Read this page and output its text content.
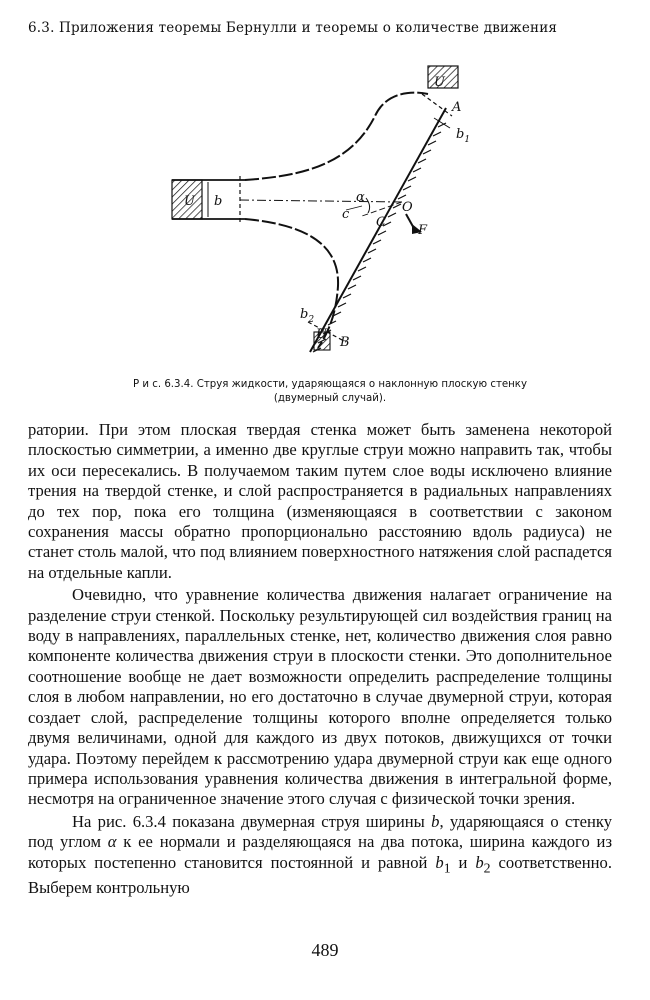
6.3. Приложения теоремы Бернулли и теоремы о количестве движения
U b	α
c
C
O
F
A
$b_1$
$b_2$
B
U
U
Р и с. 6.3.4. Струя жидкости, ударяющаяся о наклонную плоскую стенку
(двумерный случай).

ратории. При этом плоская твердая стенка может быть заменена некоторой плоскостью симметрии, а именно две круглые струи можно направить так, чтобы их оси пересекались. В получаемом таким путем слое воды исключено влияние трения на твердой стенке, и слой распространяется в радиальных направлениях до тех пор, пока его толщина (изменяющаяся в соответствии с законом сохранения массы обратно пропорционально расстоянию вдоль радиуса) не станет столь малой, что под влиянием поверхностного натяжения слой распадется на отдельные капли.

Очевидно, что уравнение количества движения налагает ограничение на разделение струи стенкой. Поскольку результирующей сил воздействия границ на воду в направлениях, параллельных стенке, нет, количество движения слоя равно компоненте количества движения струи в плоскости стенки. Это дополнительное соотношение вообще не дает возможности определить распределение толщины слоя в любом направлении, но его достаточно в случае двумерной струи, которая создает слой, распределение толщины которого вполне определяется только двумя величинами, одной для каждого из двух потоков, движущихся от точки удара. Поэтому перейдем к рассмотрению удара двумерной струи как еще одного примера использования уравнения количества движения в интегральной форме, несмотря на ограниченное значение этого случая с физической точки зрения.

На рис. 6.3.4 показана двумерная струя ширины b, ударяющаяся о стенку под углом α к ее нормали и разделяющаяся на два потока, ширина каждого из которых постепенно становится постоянной и равной $b_1$ и $b_2$ соответственно. Выберем контрольную

489
